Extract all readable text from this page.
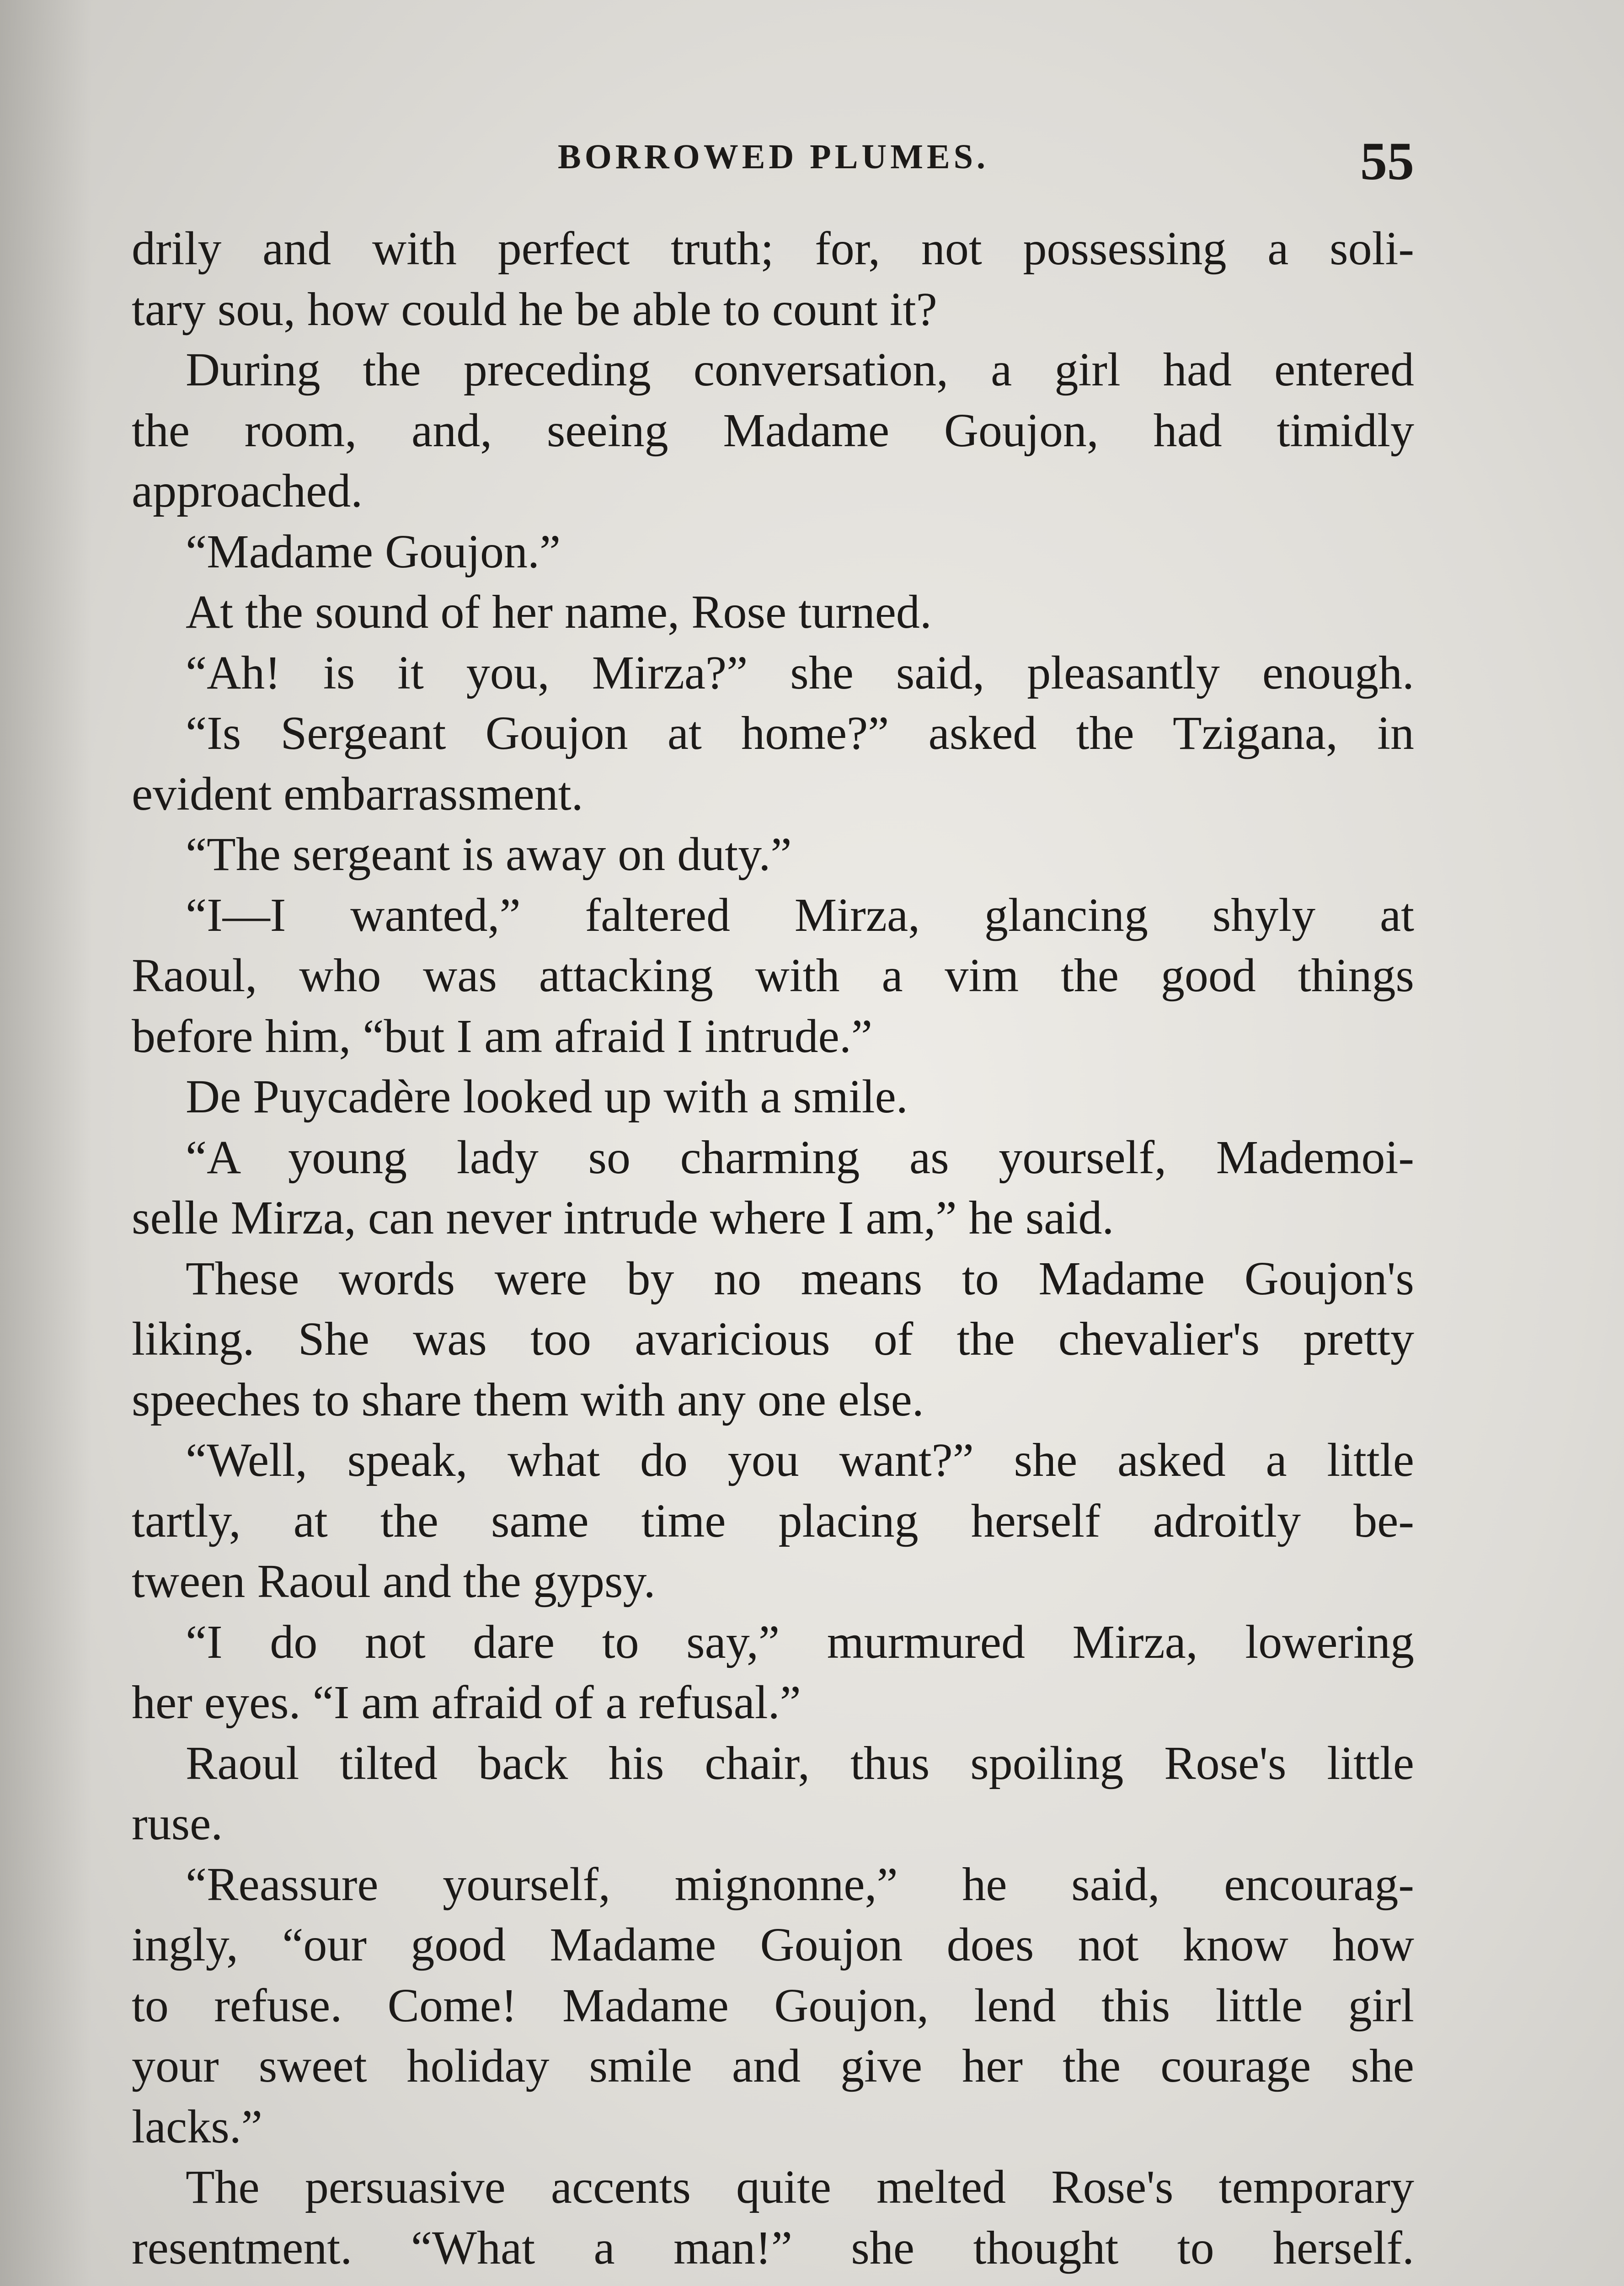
BORROWED PLUMES.	55
drily and with perfect truth; for, not possessing a soli-
tary sou, how could he be able to count it?
During the preceding conversation, a girl had entered
the room, and, seeing Madame Goujon, had timidly
approached.
“Madame Goujon.”
At the sound of her name, Rose turned.
“Ah! is it you, Mirza?” she said, pleasantly enough.
“Is Sergeant Goujon at home?” asked the Tzigana, in
evident embarrassment.
“The sergeant is away on duty.”
“I—I wanted,” faltered Mirza, glancing shyly at
Raoul, who was attacking with a vim the good things
before him, “but I am afraid I intrude.”
De Puycadère looked up with a smile.
“A young lady so charming as yourself, Mademoi-
selle Mirza, can never intrude where I am,” he said.
These words were by no means to Madame Goujon's
liking. She was too avaricious of the chevalier's pretty
speeches to share them with any one else.
“Well, speak, what do you want?” she asked a little
tartly, at the same time placing herself adroitly be-
tween Raoul and the gypsy.
“I do not dare to say,” murmured Mirza, lowering
her eyes. “I am afraid of a refusal.”
Raoul tilted back his chair, thus spoiling Rose's little
ruse.
“Reassure yourself, mignonne,” he said, encourag-
ingly, “our good Madame Goujon does not know how
to refuse. Come! Madame Goujon, lend this little girl
your sweet holiday smile and give her the courage she
lacks.”
The persuasive accents quite melted Rose's temporary
resentment. “What a man!” she thought to herself.
